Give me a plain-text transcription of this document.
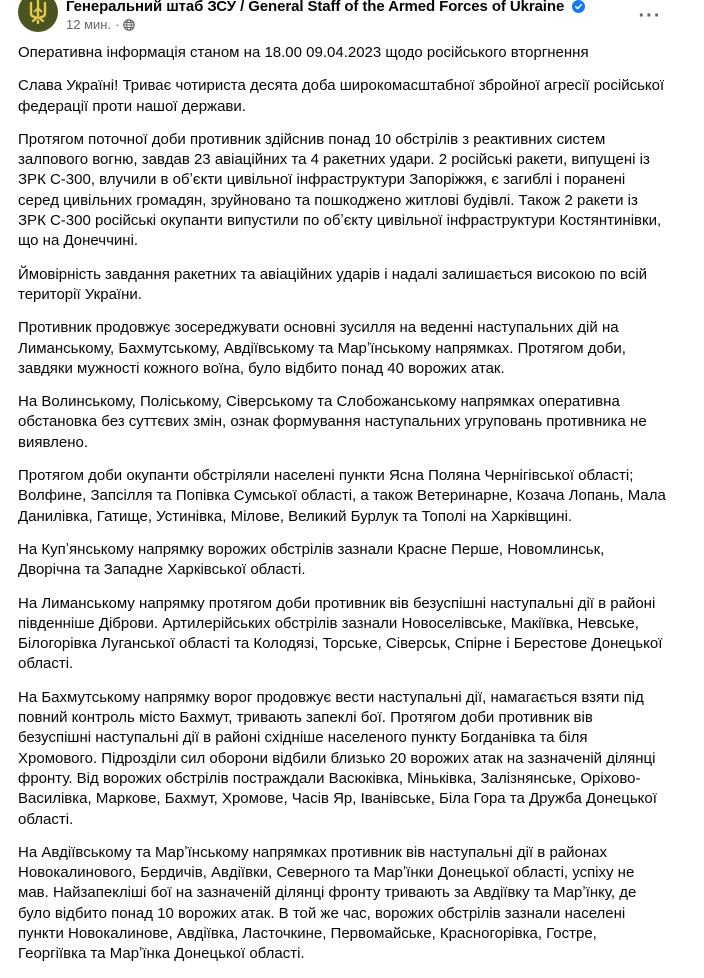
Генеральний штаб ЗСУ / General Staff of the Armed Forces of Ukraine
12 мин. ·	···

Оперативна інформація станом на 18.00 09.04.2023 щодо російського вторгнення

Слава Україні! Триває чотириста десята доба широкомасштабної збройної агресії російської федерації проти нашої держави.

Протягом поточної доби противник здійснив понад 10 обстрілів з реактивних систем залпового вогню, завдав 23 авіаційних та 4 ракетних удари. 2 російські ракети, випущені із ЗРК С-300, влучили в обʼєкти цивільної інфраструктури Запоріжжя, є загиблі і поранені серед цивільних громадян, зруйновано та пошкоджено житлові будівлі. Також 2 ракети із ЗРК С-300 російські окупанти випустили по обʼєкту цивільної інфраструктури Костянтинівки, що на Донеччині.

Ймовірність завдання ракетних та авіаційних ударів і надалі залишається високою по всій території України.

Противник продовжує зосереджувати основні зусилля на веденні наступальних дій на Лиманському, Бахмутському, Авдіївському та Марʼїнському напрямках. Протягом доби, завдяки мужності кожного воїна, було відбито понад 40 ворожих атак.

На Волинському, Поліському, Сіверському та Слобожанському напрямках оперативна обстановка без суттєвих змін, ознак формування наступальних угруповань противника не виявлено.

Протягом доби окупанти обстріляли населені пункти Ясна Поляна Чернігівської області; Волфине, Запсілля та Попівка Сумської області, а також Ветеринарне, Козача Лопань, Мала Данилівка, Гатище, Устинівка, Мілове, Великий Бурлук та Тополі на Харківщині.

На Купʼянському напрямку ворожих обстрілів зазнали Красне Перше, Новомлинськ, Дворічна та Западне Харківської області.

На Лиманському напрямку протягом доби противник вів безуспішні наступальні дії в районі південніше Діброви. Артилерійських обстрілів зазнали Новоселівське, Макіївка, Невське, Білогорівка Луганської області та Колодязі, Торське, Сіверськ, Спірне і Берестове Донецької області.

На Бахмутському напрямку ворог продовжує вести наступальні дії, намагається взяти під повний контроль місто Бахмут, тривають запеклі бої. Протягом доби противник вів безуспішні наступальні дії в районі східніше населеного пункту Богданівка та біля Хромового. Підрозділи сил оборони відбили близько 20 ворожих атак на зазначеній ділянці фронту. Від ворожих обстрілів постраждали Васюківка, Міньківка, Залізнянське, Оріхово-Василівка, Маркове, Бахмут, Хромове, Часів Яр, Іванівське, Біла Гора та Дружба Донецької області.

На Авдіївському та Марʼїнському напрямках противник вів наступальні дії в районах Новокалинового, Бердичів, Авдіївки, Северного та Марʼїнки Донецької області, успіху не мав. Найзапекліші бої на зазначеній ділянці фронту тривають за Авдіївку та Марʼїнку, де було відбито понад 10 ворожих атак. В той же час, ворожих обстрілів зазнали населені пункти Новокалинове, Авдіївка, Ласточкине, Первомайське, Красногорівка, Гостре, Георгіївка та Марʼїнка Донецької області.
